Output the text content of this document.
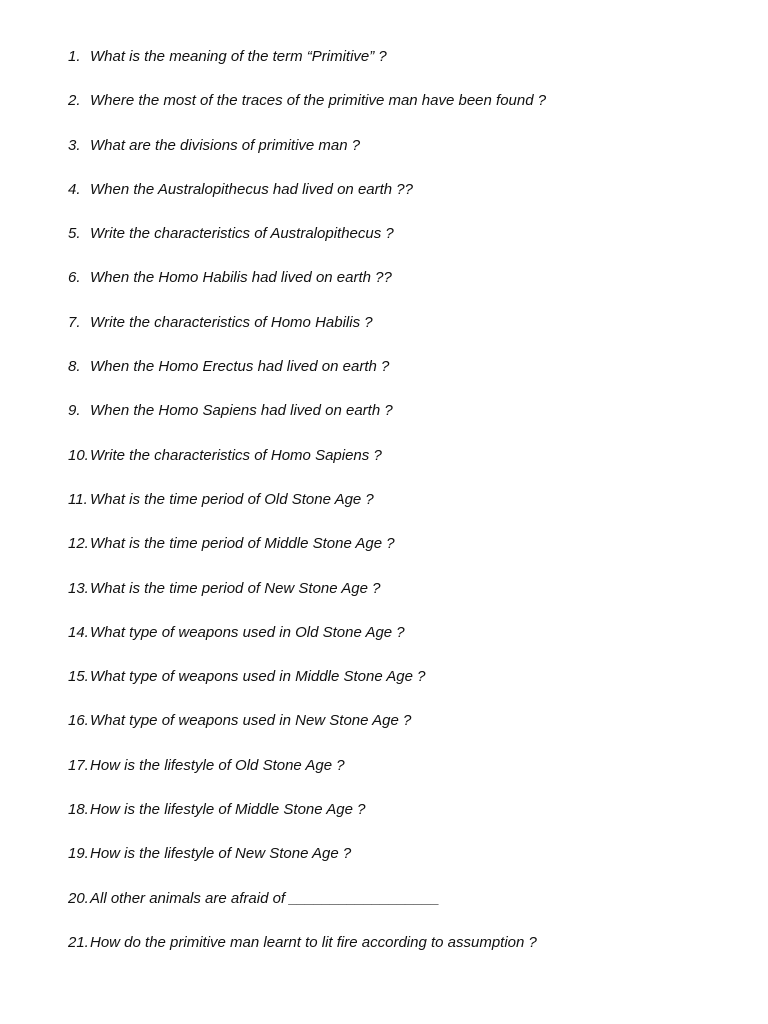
1. What is the meaning of the term “Primitive” ?
2. Where the most of the traces of the primitive man have been found ?
3. What are the divisions of primitive man ?
4. When the Australopithecus had lived on earth ??
5. Write the characteristics of Australopithecus ?
6. When the Homo Habilis had lived on earth ??
7. Write the characteristics of Homo Habilis ?
8. When the Homo Erectus had lived on earth ?
9. When the Homo Sapiens had lived on earth ?
10. Write the characteristics of Homo Sapiens ?
11. What is the time period of Old Stone Age ?
12. What is the time period of Middle Stone Age ?
13. What is the time period of New Stone Age ?
14. What type of weapons used in Old Stone Age ?
15. What type of weapons used in Middle Stone Age ?
16. What type of weapons used in New Stone Age ?
17. How is the lifestyle of Old Stone Age ?
18. How is the lifestyle of Middle Stone Age ?
19. How is the lifestyle of New Stone Age ?
20. All other animals are afraid of __________________
21. How do the primitive man learnt to lit fire according to assumption ?
